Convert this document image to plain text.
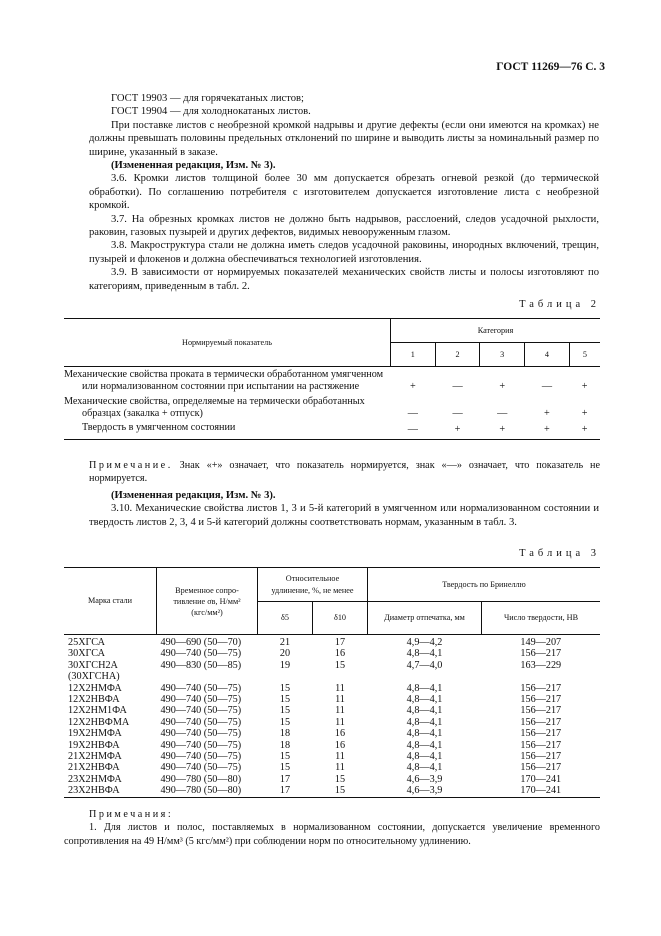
ГОСТ 11269—76 С. 3

ГОСТ 19903 — для горячекатаных листов;

ГОСТ 19904 — для холоднокатаных листов.

При поставке листов с необрезной кромкой надрывы и другие дефекты (если они имеются на кромках) не должны превышать половины предельных отклонений по ширине и выводить листы за номинальный размер по ширине, указанный в заказе.

(Измененная редакция, Изм. № 3).

3.6. Кромки листов толщиной более 30 мм допускается обрезать огневой резкой (до термической обработки). По соглашению потребителя с изготовителем допускается изготовление листа с необрезной кромкой.

3.7. На обрезных кромках листов не должно быть надрывов, расслоений, следов усадочной рыхлости, раковин, газовых пузырей и других дефектов, видимых невооруженным глазом.

3.8. Макроструктура стали не должна иметь следов усадочной раковины, инородных включений, трещин, пузырей и флокенов и должна обеспечиваться технологией изготовления.

3.9. В зависимости от нормируемых показателей механических свойств листы и полосы изготовляют по категориям, приведенным в табл. 2.

Таблица 2
Нормируемый показатель	Категория				
	1	2	3	4	5
Механические свойства проката в термически обработанном умягченном или нормализованном состоянии при испытании на растяжение	+	—	+	—	+
Механические свойства, определяемые на термически обработанных образцах (закалка + отпуск)	—	—	—	+	+
Твердость в умягченном состоянии	—	+	+	+	+

Примечание. Знак «+» означает, что показатель нормируется, знак «—» означает, что показатель не нормируется.

(Измененная редакция, Изм. № 3).

3.10. Механические свойства листов 1, 3 и 5-й категорий в умягченном или нормализованном состоянии и твердость листов 2, 3, 4 и 5-й категорий должны соответствовать нормам, указанным в табл. 3.

Таблица 3
Марка стали	Временное сопро-
тивление σв, Н/мм²
(кгс/мм²)	Относительное удлинение, %, не менее		Твердость по Бринеллю	
		δ5	δ10	Диаметр отпечатка, мм	Число твердости, НВ
25ХГСА	490—690 (50—70)	21	17	4,9—4,2	149—207
30ХГСА	490—740 (50—75)	20	16	4,8—4,1	156—217
30ХГСН2А	490—830 (50—85)	19	15	4,7—4,0	163—229
(30ХГСНА)					
12Х2НМФА	490—740 (50—75)	15	11	4,8—4,1	156—217
12Х2НВФА	490—740 (50—75)	15	11	4,8—4,1	156—217
12Х2НМ1ФА	490—740 (50—75)	15	11	4,8—4,1	156—217
12Х2НВФМА	490—740 (50—75)	15	11	4,8—4,1	156—217
19Х2НМФА	490—740 (50—75)	18	16	4,8—4,1	156—217
19Х2НВФА	490—740 (50—75)	18	16	4,8—4,1	156—217
21Х2НМФА	490—740 (50—75)	15	11	4,8—4,1	156—217
21Х2НВФА	490—740 (50—75)	15	11	4,8—4,1	156—217
23Х2НМФА	490—780 (50—80)	17	15	4,6—3,9	170—241
23Х2НВФА	490—780 (50—80)	17	15	4,6—3,9	170—241
Примечания:

1. Для листов и полос, поставляемых в нормализованном состоянии, допускается увеличение временного сопротивления на 49 Н/мм³ (5 кгс/мм²) при соблюдении норм по относительному удлинению.
